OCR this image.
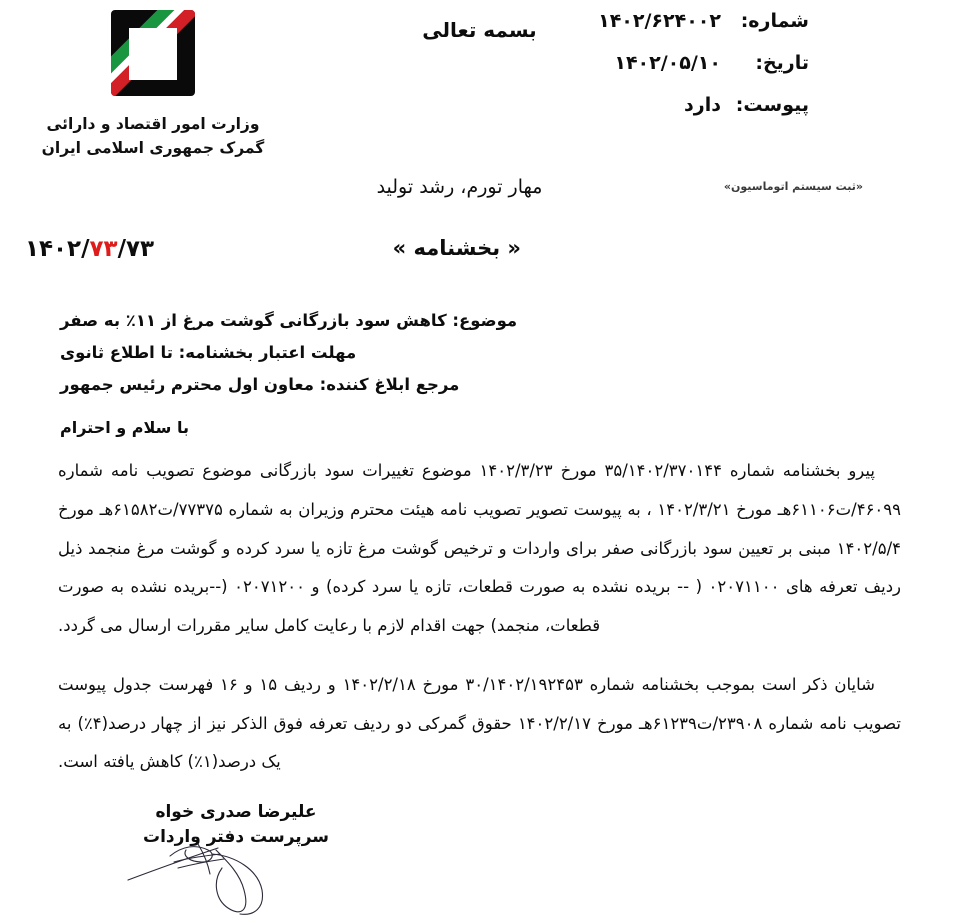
بسمه تعالی	شماره:
۱۴۰۲/۶۲۴۰۰۲
تاریخ:
۱۴۰۲/۰۵/۱۰
پیوست:
دارد
«ثبت سیستم اتوماسیون»
مهار تورم، رشد تولید
وزارت امور اقتصاد و دارائی
گمرک جمهوری اسلامی ایران
« بخشنامه »
۱۴۰۲/۷۳/۷۳
موضوع: کاهش سود بازرگانی گوشت مرغ از ۱۱٪ به صفر
مهلت اعتبار بخشنامه: تا اطلاع ثانوی
مرجع ابلاغ کننده: معاون اول محترم رئیس جمهور
با سلام و احترام

پیرو بخشنامه شماره ۳۵/۱۴۰۲/۳۷۰۱۴۴ مورخ ۱۴۰۲/۳/۲۳ موضوع تغییرات سود بازرگانی موضوع تصویب نامه شماره ۴۶۰۹۹/ت۶۱۱۰۶هـ مورخ ۱۴۰۲/۳/۲۱ ، به پیوست تصویر تصویب نامه هیئت محترم وزیران به شماره ۷۷۳۷۵/ت۶۱۵۸۲هـ مورخ ۱۴۰۲/۵/۴ مبنی بر تعیین سود بازرگانی صفر برای واردات و ترخیص گوشت مرغ تازه یا سرد کرده و گوشت مرغ منجمد ذیل ردیف تعرفه های ۰۲۰۷۱۱۰۰ ( -- بریده نشده به صورت قطعات، تازه یا سرد کرده) و ۰۲۰۷۱۲۰۰ (--بریده نشده به صورت قطعات، منجمد) جهت اقدام لازم با رعایت کامل سایر مقررات ارسال می گردد.

شایان ذکر است بموجب بخشنامه شماره ۳۰/۱۴۰۲/۱۹۲۴۵۳ مورخ ۱۴۰۲/۲/۱۸ و ردیف ۱۵ و ۱۶ فهرست جدول پیوست تصویب نامه شماره ۲۳۹۰۸/ت۶۱۲۳۹هـ مورخ ۱۴۰۲/۲/۱۷ حقوق گمرکی دو ردیف تعرفه فوق الذکر نیز از چهار درصد(۴٪) به یک درصد(۱٪) کاهش یافته است.

علیرضا صدری خواه
سرپرست دفتر واردات
